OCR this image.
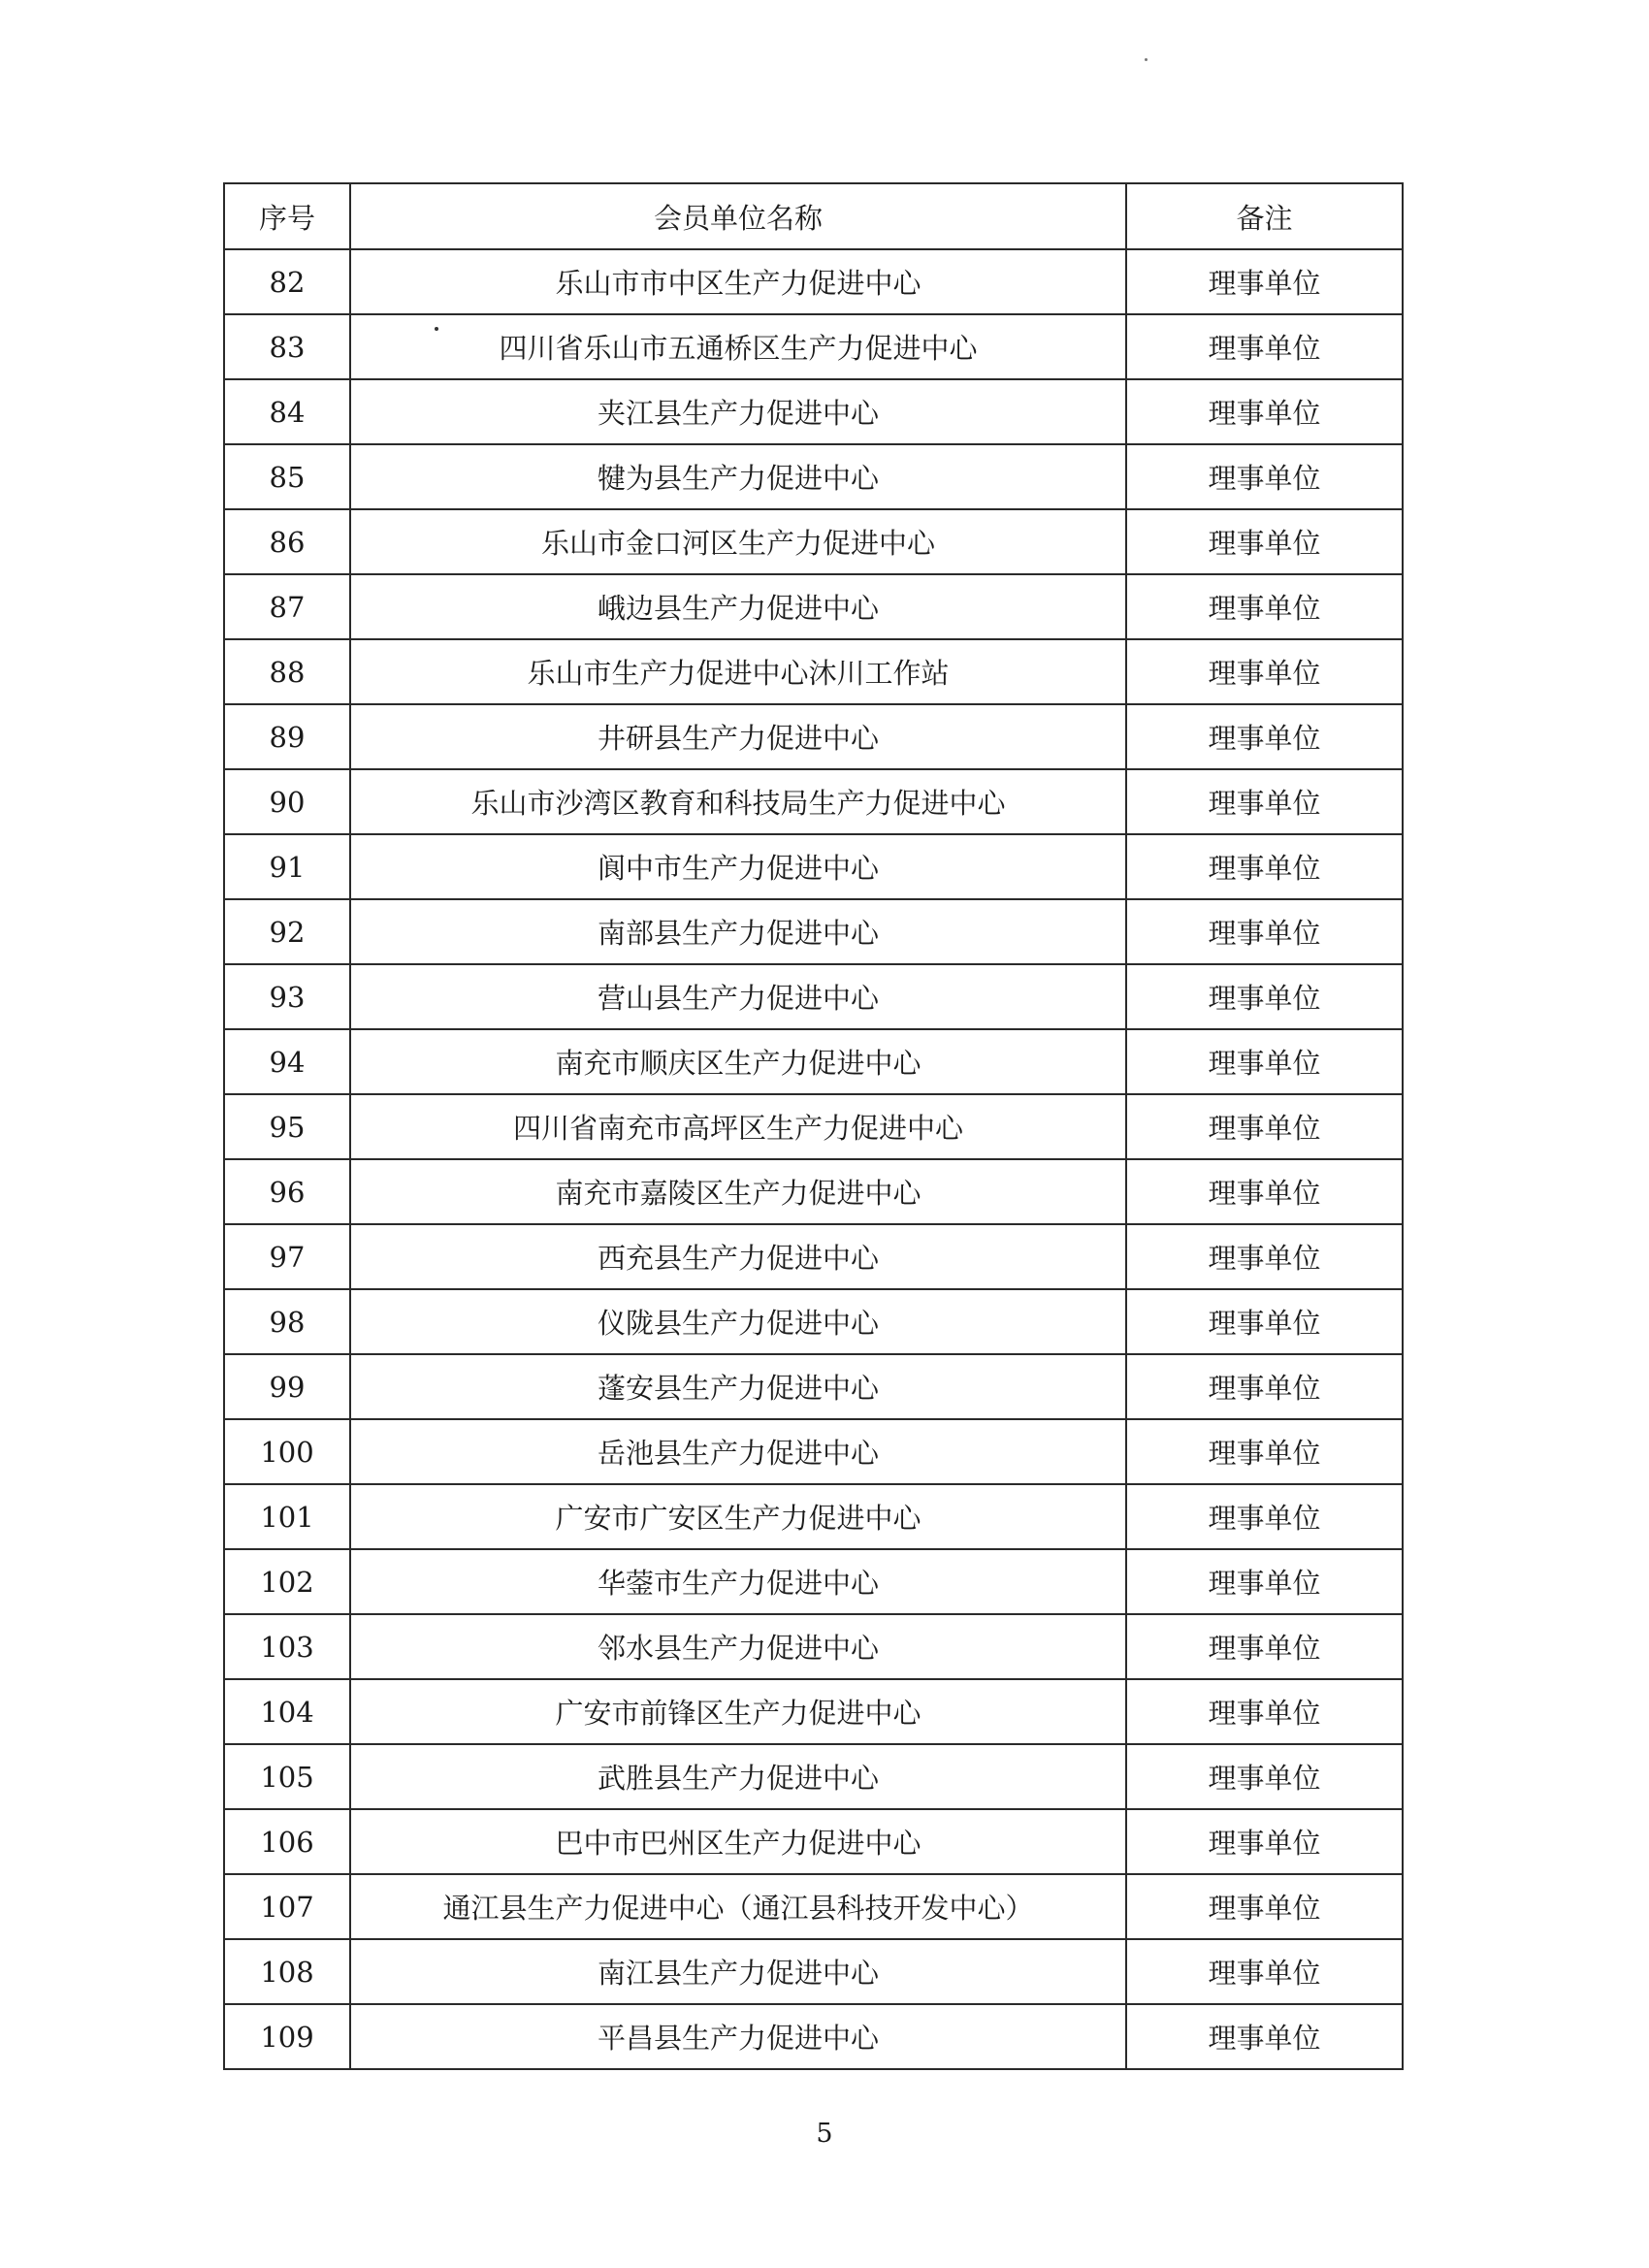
序号	会员单位名称	备注
82	乐山市市中区生产力促进中心	理事单位
83	四川省乐山市五通桥区生产力促进中心	理事单位
84	夹江县生产力促进中心	理事单位
85	犍为县生产力促进中心	理事单位
86	乐山市金口河区生产力促进中心	理事单位
87	峨边县生产力促进中心	理事单位
88	乐山市生产力促进中心沐川工作站	理事单位
89	井研县生产力促进中心	理事单位
90	乐山市沙湾区教育和科技局生产力促进中心	理事单位
91	阆中市生产力促进中心	理事单位
92	南部县生产力促进中心	理事单位
93	营山县生产力促进中心	理事单位
94	南充市顺庆区生产力促进中心	理事单位
95	四川省南充市高坪区生产力促进中心	理事单位
96	南充市嘉陵区生产力促进中心	理事单位
97	西充县生产力促进中心	理事单位
98	仪陇县生产力促进中心	理事单位
99	蓬安县生产力促进中心	理事单位
100	岳池县生产力促进中心	理事单位
101	广安市广安区生产力促进中心	理事单位
102	华蓥市生产力促进中心	理事单位
103	邻水县生产力促进中心	理事单位
104	广安市前锋区生产力促进中心	理事单位
105	武胜县生产力促进中心	理事单位
106	巴中市巴州区生产力促进中心	理事单位
107	通江县生产力促进中心（通江县科技开发中心）	理事单位
108	南江县生产力促进中心	理事单位
109	平昌县生产力促进中心	理事单位
5
